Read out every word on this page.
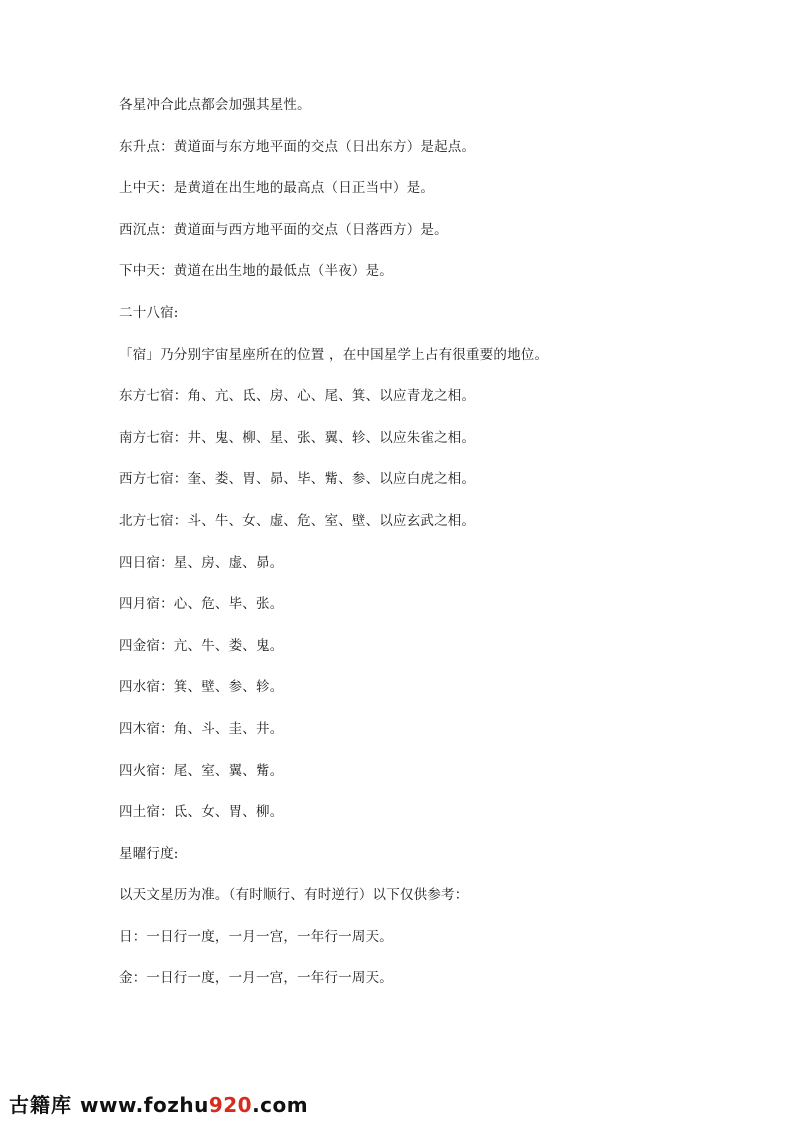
各星冲合此点都会加强其星性。
东升点：黄道面与东方地平面的交点（日出东方）是起点。
上中天：是黄道在出生地的最高点（日正当中）是。
西沉点：黄道面与西方地平面的交点（日落西方）是。
下中天：黄道在出生地的最低点（半夜）是。
二十八宿:
「宿」乃分别宇宙星座所在的位置 ，在中国星学上占有很重要的地位。
东方七宿：角、亢、氐、房、心、尾、箕、以应青龙之相。
南方七宿：井、鬼、柳、星、张、翼、轸、以应朱雀之相。
西方七宿：奎、娄、胃、昴、毕、觜、参、以应白虎之相。
北方七宿：斗、牛、女、虚、危、室、壁、以应玄武之相。
四日宿：星、房、虚、昴。
四月宿：心、危、毕、张。
四金宿：亢、牛、娄、鬼。
四水宿：箕、壁、参、轸。
四木宿：角、斗、圭、井。
四火宿：尾、室、翼、觜。
四土宿：氐、女、胃、柳。
星曜行度:
以天文星历为准。（有时顺行、有时逆行）以下仅供参考：
日：一日行一度，一月一宫，一年行一周天。
金：一日行一度，一月一宫，一年行一周天。
古籍库 www.fozhu 920 .com
